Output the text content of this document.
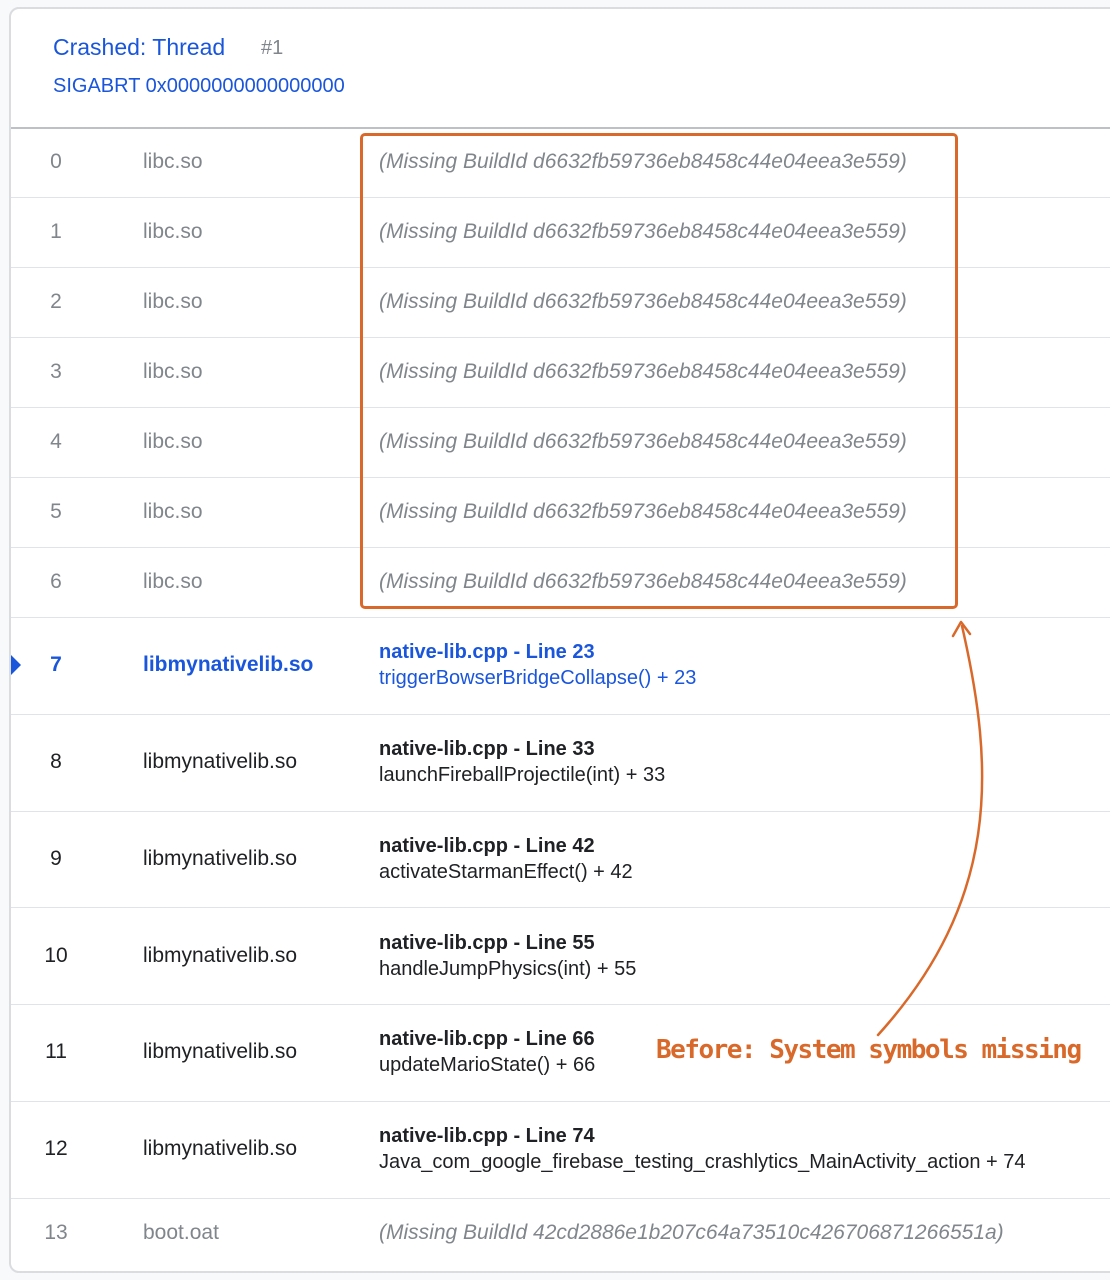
Crashed: Thread #1
SIGABRT 0x0000000000000000
0	libc.so	(Missing BuildId d6632fb59736eb8458c44e04eea3e559)
1	libc.so	(Missing BuildId d6632fb59736eb8458c44e04eea3e559)
2	libc.so	(Missing BuildId d6632fb59736eb8458c44e04eea3e559)
3	libc.so	(Missing BuildId d6632fb59736eb8458c44e04eea3e559)
4	libc.so	(Missing BuildId d6632fb59736eb8458c44e04eea3e559)
5	libc.so	(Missing BuildId d6632fb59736eb8458c44e04eea3e559)
6	libc.so	(Missing BuildId d6632fb59736eb8458c44e04eea3e559)
7	libmynativelib.so
native-lib.cpp - Line 23
triggerBowserBridgeCollapse() + 23
8	libmynativelib.so
native-lib.cpp - Line 33
launchFireballProjectile(int) + 33
9	libmynativelib.so
native-lib.cpp - Line 42
activateStarmanEffect() + 42
10	libmynativelib.so
native-lib.cpp - Line 55
handleJumpPhysics(int) + 55
11	libmynativelib.so
native-lib.cpp - Line 66
updateMarioState() + 66
12	libmynativelib.so
native-lib.cpp - Line 74
Java_com_google_firebase_testing_crashlytics_MainActivity_action + 74
13	boot.oat	(Missing BuildId 42cd2886e1b207c64a73510c426706871266551a)
Before: System symbols missing
